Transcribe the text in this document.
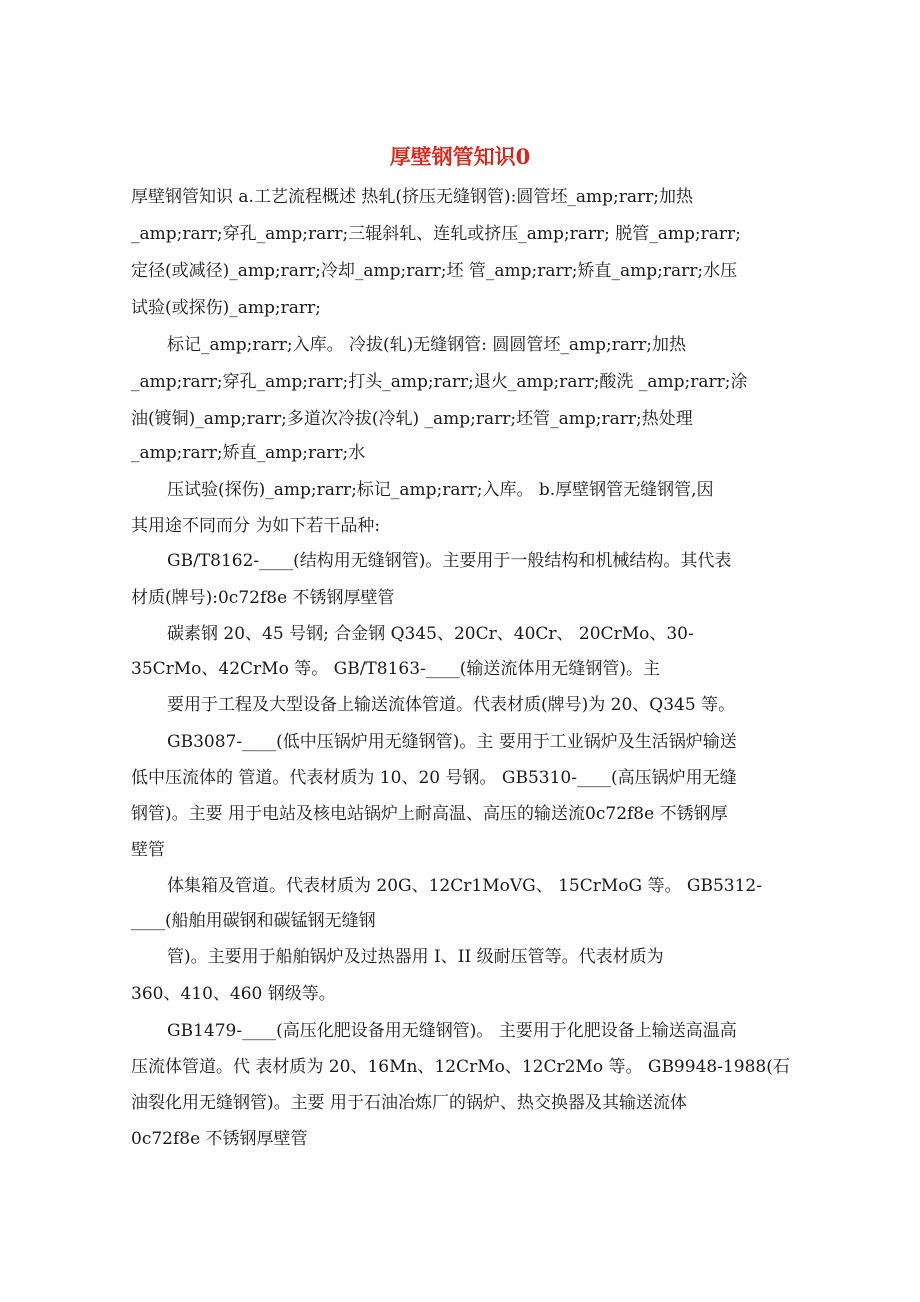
厚壁钢管知识0

厚壁钢管知识 a.工艺流程概述 热轧(挤压无缝钢管):圆管坯_amp;rarr;加热

_amp;rarr;穿孔_amp;rarr;三辊斜轧、连轧或挤压_amp;rarr; 脱管_amp;rarr;

定径(或减径)_amp;rarr;冷却_amp;rarr;坯 管_amp;rarr;矫直_amp;rarr;水压

试验(或探伤)_amp;rarr;

标记_amp;rarr;入库。 冷拔(轧)无缝钢管: 圆圆管坯_amp;rarr;加热

_amp;rarr;穿孔_amp;rarr;打头_amp;rarr;退火_amp;rarr;酸洗 _amp;rarr;涂

油(镀铜)_amp;rarr;多道次冷拔(冷轧) _amp;rarr;坯管_amp;rarr;热处理

_amp;rarr;矫直_amp;rarr;水

压试验(探伤)_amp;rarr;标记_amp;rarr;入库。 b.厚壁钢管无缝钢管,因

其用途不同而分 为如下若干品种:

GB/T8162-____(结构用无缝钢管)。主要用于一般结构和机械结构。其代表

材质(牌号):0c72f8e 不锈钢厚壁管

碳素钢 20、45 号钢; 合金钢 Q345、20Cr、40Cr、 20CrMo、30-

35CrMo、42CrMo 等。 GB/T8163-____(输送流体用无缝钢管)。主

要用于工程及大型设备上输送流体管道。代表材质(牌号)为 20、Q345 等。

GB3087-____(低中压锅炉用无缝钢管)。主 要用于工业锅炉及生活锅炉输送

低中压流体的 管道。代表材质为 10、20 号钢。 GB5310-____(高压锅炉用无缝

钢管)。主要 用于电站及核电站锅炉上耐高温、高压的输送流0c72f8e 不锈钢厚

壁管

体集箱及管道。代表材质为 20G、12Cr1MoVG、 15CrMoG 等。 GB5312-

____(船舶用碳钢和碳锰钢无缝钢

管)。主要用于船舶锅炉及过热器用 I、II 级耐压管等。代表材质为

360、410、460 钢级等。

GB1479-____(高压化肥设备用无缝钢管)。 主要用于化肥设备上输送高温高

压流体管道。代 表材质为 20、16Mn、12CrMo、12Cr2Mo 等。 GB9948-1988(石

油裂化用无缝钢管)。主要 用于石油冶炼厂的锅炉、热交换器及其输送流体

0c72f8e 不锈钢厚壁管
